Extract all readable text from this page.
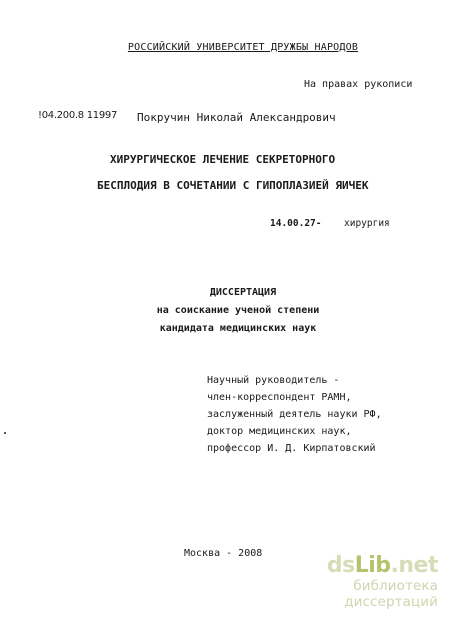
РОССИЙСКИЙ УНИВЕРСИТЕТ ДРУЖБЫ НАРОДОВ
На правах рукописи
!04.200.8 11997 Покручин Николай Александрович
ХИРУРГИЧЕСКОЕ ЛЕЧЕНИЕ СЕКРЕТОРНОГО
БЕСПЛОДИЯ В СОЧЕТАНИИ С ГИПОПЛАЗИЕЙ ЯИЧЕК
14.00.27- хирургия
ДИССЕРТАЦИЯ
на соискание ученой степени
кандидата медицинских наук
Научный руководитель -
член-корреспондент РАМН,
заслуженный деятель науки РФ,
доктор медицинских наук,
профессор И. Д. Кирпатовский
Москва - 2008	dsLib.net
библиотека диссертаций
